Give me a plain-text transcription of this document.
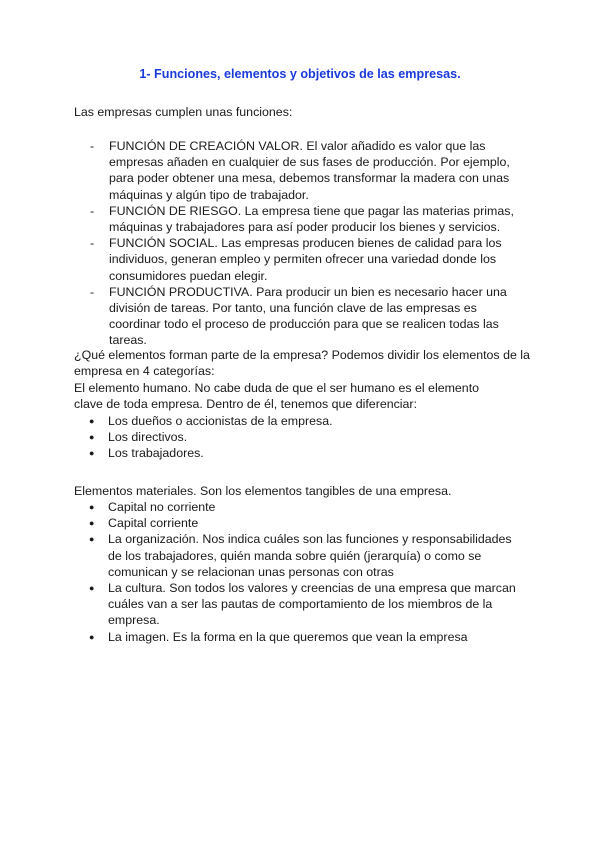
1- Funciones, elementos y objetivos de las empresas.

Las empresas cumplen unas funciones:

- FUNCIÓN DE CREACIÓN VALOR. El valor añadido es valor que las empresas añaden en cualquier de sus fases de producción. Por ejemplo, para poder obtener una mesa, debemos transformar la madera con unas máquinas y algún tipo de trabajador.
- FUNCIÓN DE RIESGO. La empresa tiene que pagar las materias primas, máquinas y trabajadores para así poder producir los bienes y servicios.
- FUNCIÓN SOCIAL. Las empresas producen bienes de calidad para los individuos, generan empleo y permiten ofrecer una variedad donde los consumidores puedan elegir.
- FUNCIÓN PRODUCTIVA. Para producir un bien es necesario hacer una división de tareas. Por tanto, una función clave de las empresas es coordinar todo el proceso de producción para que se realicen todas las tareas.

¿Qué elementos forman parte de la empresa? Podemos dividir los elementos de la empresa en 4 categorías:

El elemento humano. No cabe duda de que el ser humano es el elemento

clave de toda empresa. Dentro de él, tenemos que diferenciar:

● Los dueños o accionistas de la empresa.
● Los directivos.
● Los trabajadores.

Elementos materiales. Son los elementos tangibles de una empresa.

● Capital no corriente
● Capital corriente
● La organización. Nos indica cuáles son las funciones y responsabilidades de los trabajadores, quién manda sobre quién (jerarquía) o como se comunican y se relacionan unas personas con otras
● La cultura. Son todos los valores y creencias de una empresa que marcan cuáles van a ser las pautas de comportamiento de los miembros de la empresa.
● La imagen. Es la forma en la que queremos que vean la empresa
